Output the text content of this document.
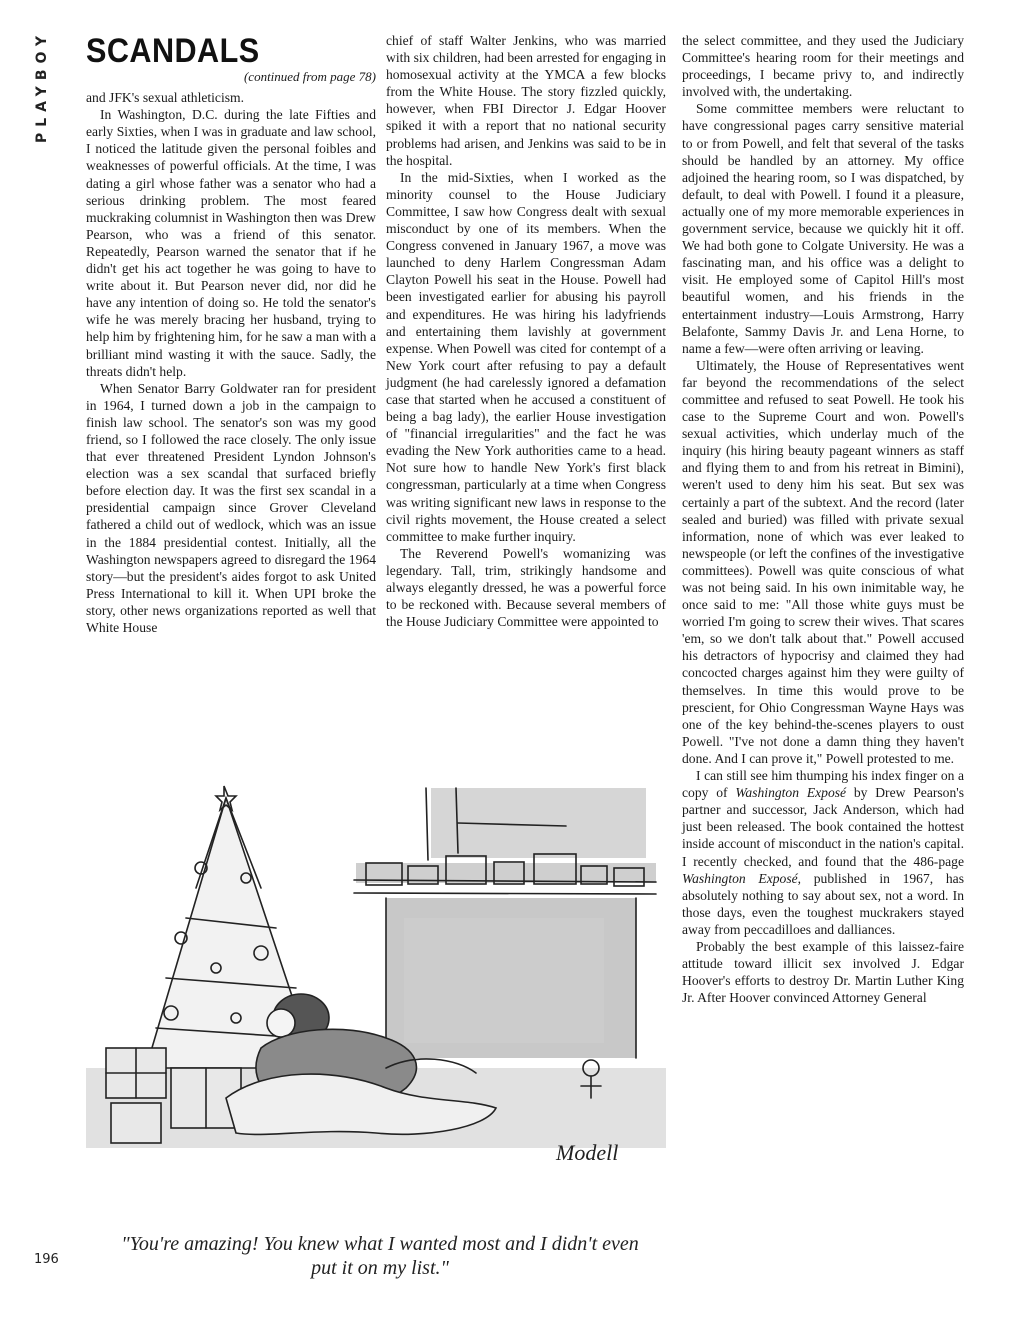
PLAYBOY SCANDALS
(continued from page 78)

and JFK's sexual athleticism.

In Washington, D.C. during the late Fifties and early Sixties, when I was in graduate and law school, I noticed the latitude given the personal foibles and weaknesses of powerful officials. At the time, I was dating a girl whose father was a senator who had a serious drinking problem. The most feared muckraking columnist in Washington then was Drew Pearson, who was a friend of this senator. Repeatedly, Pearson warned the senator that if he didn't get his act together he was going to have to write about it. But Pearson never did, nor did he have any intention of doing so. He told the senator's wife he was merely bracing her husband, trying to help him by frightening him, for he saw a man with a brilliant mind wasting it with the sauce. Sadly, the threats didn't help.

When Senator Barry Goldwater ran for president in 1964, I turned down a job in the campaign to finish law school. The senator's son was my good friend, so I followed the race closely. The only issue that ever threatened President Lyndon Johnson's election was a sex scandal that surfaced briefly before election day. It was the first sex scandal in a presidential campaign since Grover Cleveland fathered a child out of wedlock, which was an issue in the 1884 presidential contest. Initially, all the Washington newspapers agreed to disregard the 1964 story—but the president's aides forgot to ask United Press International to kill it. When UPI broke the story, other news organizations reported as well that White House

chief of staff Walter Jenkins, who was married with six children, had been arrested for engaging in homosexual activity at the YMCA a few blocks from the White House. The story fizzled quickly, however, when FBI Director J. Edgar Hoover spiked it with a report that no national security problems had arisen, and Jenkins was said to be in the hospital.

In the mid-Sixties, when I worked as the minority counsel to the House Judiciary Committee, I saw how Congress dealt with sexual misconduct by one of its members. When the Congress convened in January 1967, a move was launched to deny Harlem Congressman Adam Clayton Powell his seat in the House. Powell had been investigated earlier for abusing his payroll and expenditures. He was hiring his ladyfriends and entertaining them lavishly at government expense. When Powell was cited for contempt of a New York court after refusing to pay a default judgment (he had carelessly ignored a defamation case that started when he accused a constituent of being a bag lady), the earlier House investigation of "financial irregularities" and the fact he was evading the New York authorities came to a head. Not sure how to handle New York's first black congressman, particularly at a time when Congress was writing significant new laws in response to the civil rights movement, the House created a select committee to make further inquiry.

The Reverend Powell's womanizing was legendary. Tall, trim, strikingly handsome and always elegantly dressed, he was a powerful force to be reckoned with. Because several members of the House Judiciary Committee were appointed to

the select committee, and they used the Judiciary Committee's hearing room for their meetings and proceedings, I became privy to, and indirectly involved with, the undertaking.

Some committee members were reluctant to have congressional pages carry sensitive material to or from Powell, and felt that several of the tasks should be handled by an attorney. My office adjoined the hearing room, so I was dispatched, by default, to deal with Powell. I found it a pleasure, actually one of my more memorable experiences in government service, because we quickly hit it off. We had both gone to Colgate University. He was a fascinating man, and his office was a delight to visit. He employed some of Capitol Hill's most beautiful women, and his friends in the entertainment industry—Louis Armstrong, Harry Belafonte, Sammy Davis Jr. and Lena Horne, to name a few—were often arriving or leaving.

Ultimately, the House of Representatives went far beyond the recommendations of the select committee and refused to seat Powell. He took his case to the Supreme Court and won. Powell's sexual activities, which underlay much of the inquiry (his hiring beauty pageant winners as staff and flying them to and from his retreat in Bimini), weren't used to deny him his seat. But sex was certainly a part of the subtext. And the record (later sealed and buried) was filled with private sexual information, none of which was ever leaked to newspeople (or left the confines of the investigative committees). Powell was quite conscious of what was not being said. In his own inimitable way, he once said to me: "All those white guys must be worried I'm going to screw their wives. That scares 'em, so we don't talk about that." Powell accused his detractors of hypocrisy and claimed they had concocted charges against him they were guilty of themselves. In time this would prove to be prescient, for Ohio Congressman Wayne Hays was one of the key behind-the-scenes players to oust Powell. "I've not done a damn thing they haven't done. And I can prove it," Powell protested to me.

I can still see him thumping his index finger on a copy of Washington Exposé by Drew Pearson's partner and successor, Jack Anderson, which had just been released. The book contained the hottest inside account of misconduct in the nation's capital. I recently checked, and found that the 486-page Washington Exposé, published in 1967, has absolutely nothing to say about sex, not a word. In those days, even the toughest muckrakers stayed away from peccadilloes and dalliances.

Probably the best example of this laissez-faire attitude toward illicit sex involved J. Edgar Hoover's efforts to destroy Dr. Martin Luther King Jr. After Hoover convinced Attorney General

Modell
"You're amazing! You knew what I wanted most and I didn't even put it on my list."
196
